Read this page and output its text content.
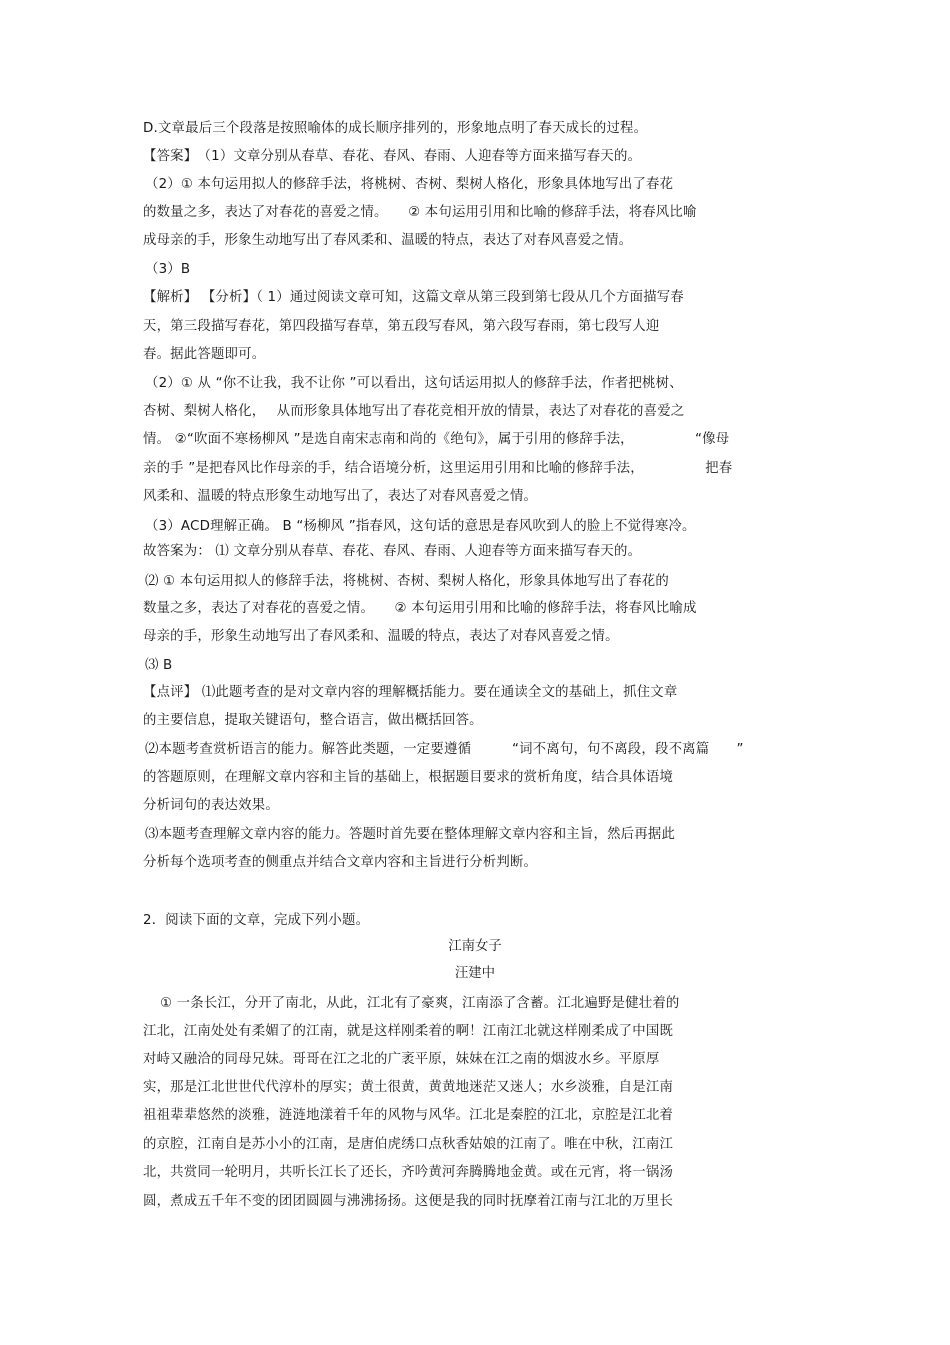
D.文章最后三个段落是按照喻体的成长顺序排列的，形象地点明了春天成长的过程。
【答案】　（1）文章分别从春草、春花、春风、春雨、人迎春等方面来描写春天的。
（2）① 本句运用拟人的修辞手法，将桃树、杏树、梨树人格化，形象具体地写出了春花
的数量之多，表达了对春花的喜爱之情。　　② 本句运用引用和比喻的修辞手法，将春风比喻
成母亲的手，形象生动地写出了春风柔和、温暖的特点，表达了对春风喜爱之情。
（3）B
【解析】 【分析】（ 1）通过阅读文章可知，这篇文章从第三段到第七段从几个方面描写春
天，第三段描写春花，第四段描写春草，第五段写春风，第六段写春雨，第七段写人迎
春。据此答题即可。
（2）① 从 “你不让我，我不让你 ”可以看出，这句话运用拟人的修辞手法，作者把桃树、
杏树、梨树人格化，　 从而形象具体地写出了春花竞相开放的情景，表达了对春花的喜爱之
情。 ②“吹面不寒杨柳风 ”是选自南宋志南和尚的《绝句》，属于引用的修辞手法，　　　　　“像母
亲的手 ”是把春风比作母亲的手，结合语境分析，这里运用引用和比喻的修辞手法，　　　　　把春
风柔和、温暖的特点形象生动地写出了，表达了对春风喜爱之情。
（3）ACD理解正确。 B “杨柳风 ”指春风，这句话的意思是春风吹到人的脸上不觉得寒冷。
故答案为： ⑴ 文章分别从春草、春花、春风、春雨、人迎春等方面来描写春天的。
⑵ ① 本句运用拟人的修辞手法，将桃树、杏树、梨树人格化，形象具体地写出了春花的
数量之多，表达了对春花的喜爱之情。　　② 本句运用引用和比喻的修辞手法，将春风比喻成
母亲的手，形象生动地写出了春风柔和、温暖的特点，表达了对春风喜爱之情。
⑶ B
【点评】 ⑴此题考查的是对文章内容的理解概括能力。要在通读全文的基础上，抓住文章
的主要信息，提取关键语句，整合语言，做出概括回答。
⑵本题考查赏析语言的能力。解答此类题，一定要遵循　　　“词不离句，句不离段，段不离篇　　”
的答题原则，在理解文章内容和主旨的基础上，根据题目要求的赏析角度，结合具体语境
分析词句的表达效果。
⑶本题考查理解文章内容的能力。答题时首先要在整体理解文章内容和主旨，然后再据此
分析每个选项考查的侧重点并结合文章内容和主旨进行分析判断。
2．阅读下面的文章，完成下列小题。
江南女子
汪建中
① 一条长江，分开了南北，从此，江北有了豪爽，江南添了含蓄。江北遍野是健壮着的
江北，江南处处有柔媚了的江南，就是这样刚柔着的啊！江南江北就这样刚柔成了中国既
对峙又融洽的同母兄妹。哥哥在江之北的广袤平原，妹妹在江之南的烟波水乡。平原厚
实，那是江北世世代代淳朴的厚实；黄土很黄，黄黄地迷茫又迷人；水乡淡雅，自是江南
祖祖辈辈悠然的淡雅，涟涟地漾着千年的风物与风华。江北是秦腔的江北，京腔是江北着
的京腔，江南自是苏小小的江南，是唐伯虎绣口点秋香姑娘的江南了。唯在中秋，江南江
北，共赏同一轮明月，共听长江长了还长，齐吟黄河奔腾腾地金黄。或在元宵，将一锅汤
圆，煮成五千年不变的团团圆圆与沸沸扬扬。这便是我的同时抚摩着江南与江北的万里长
